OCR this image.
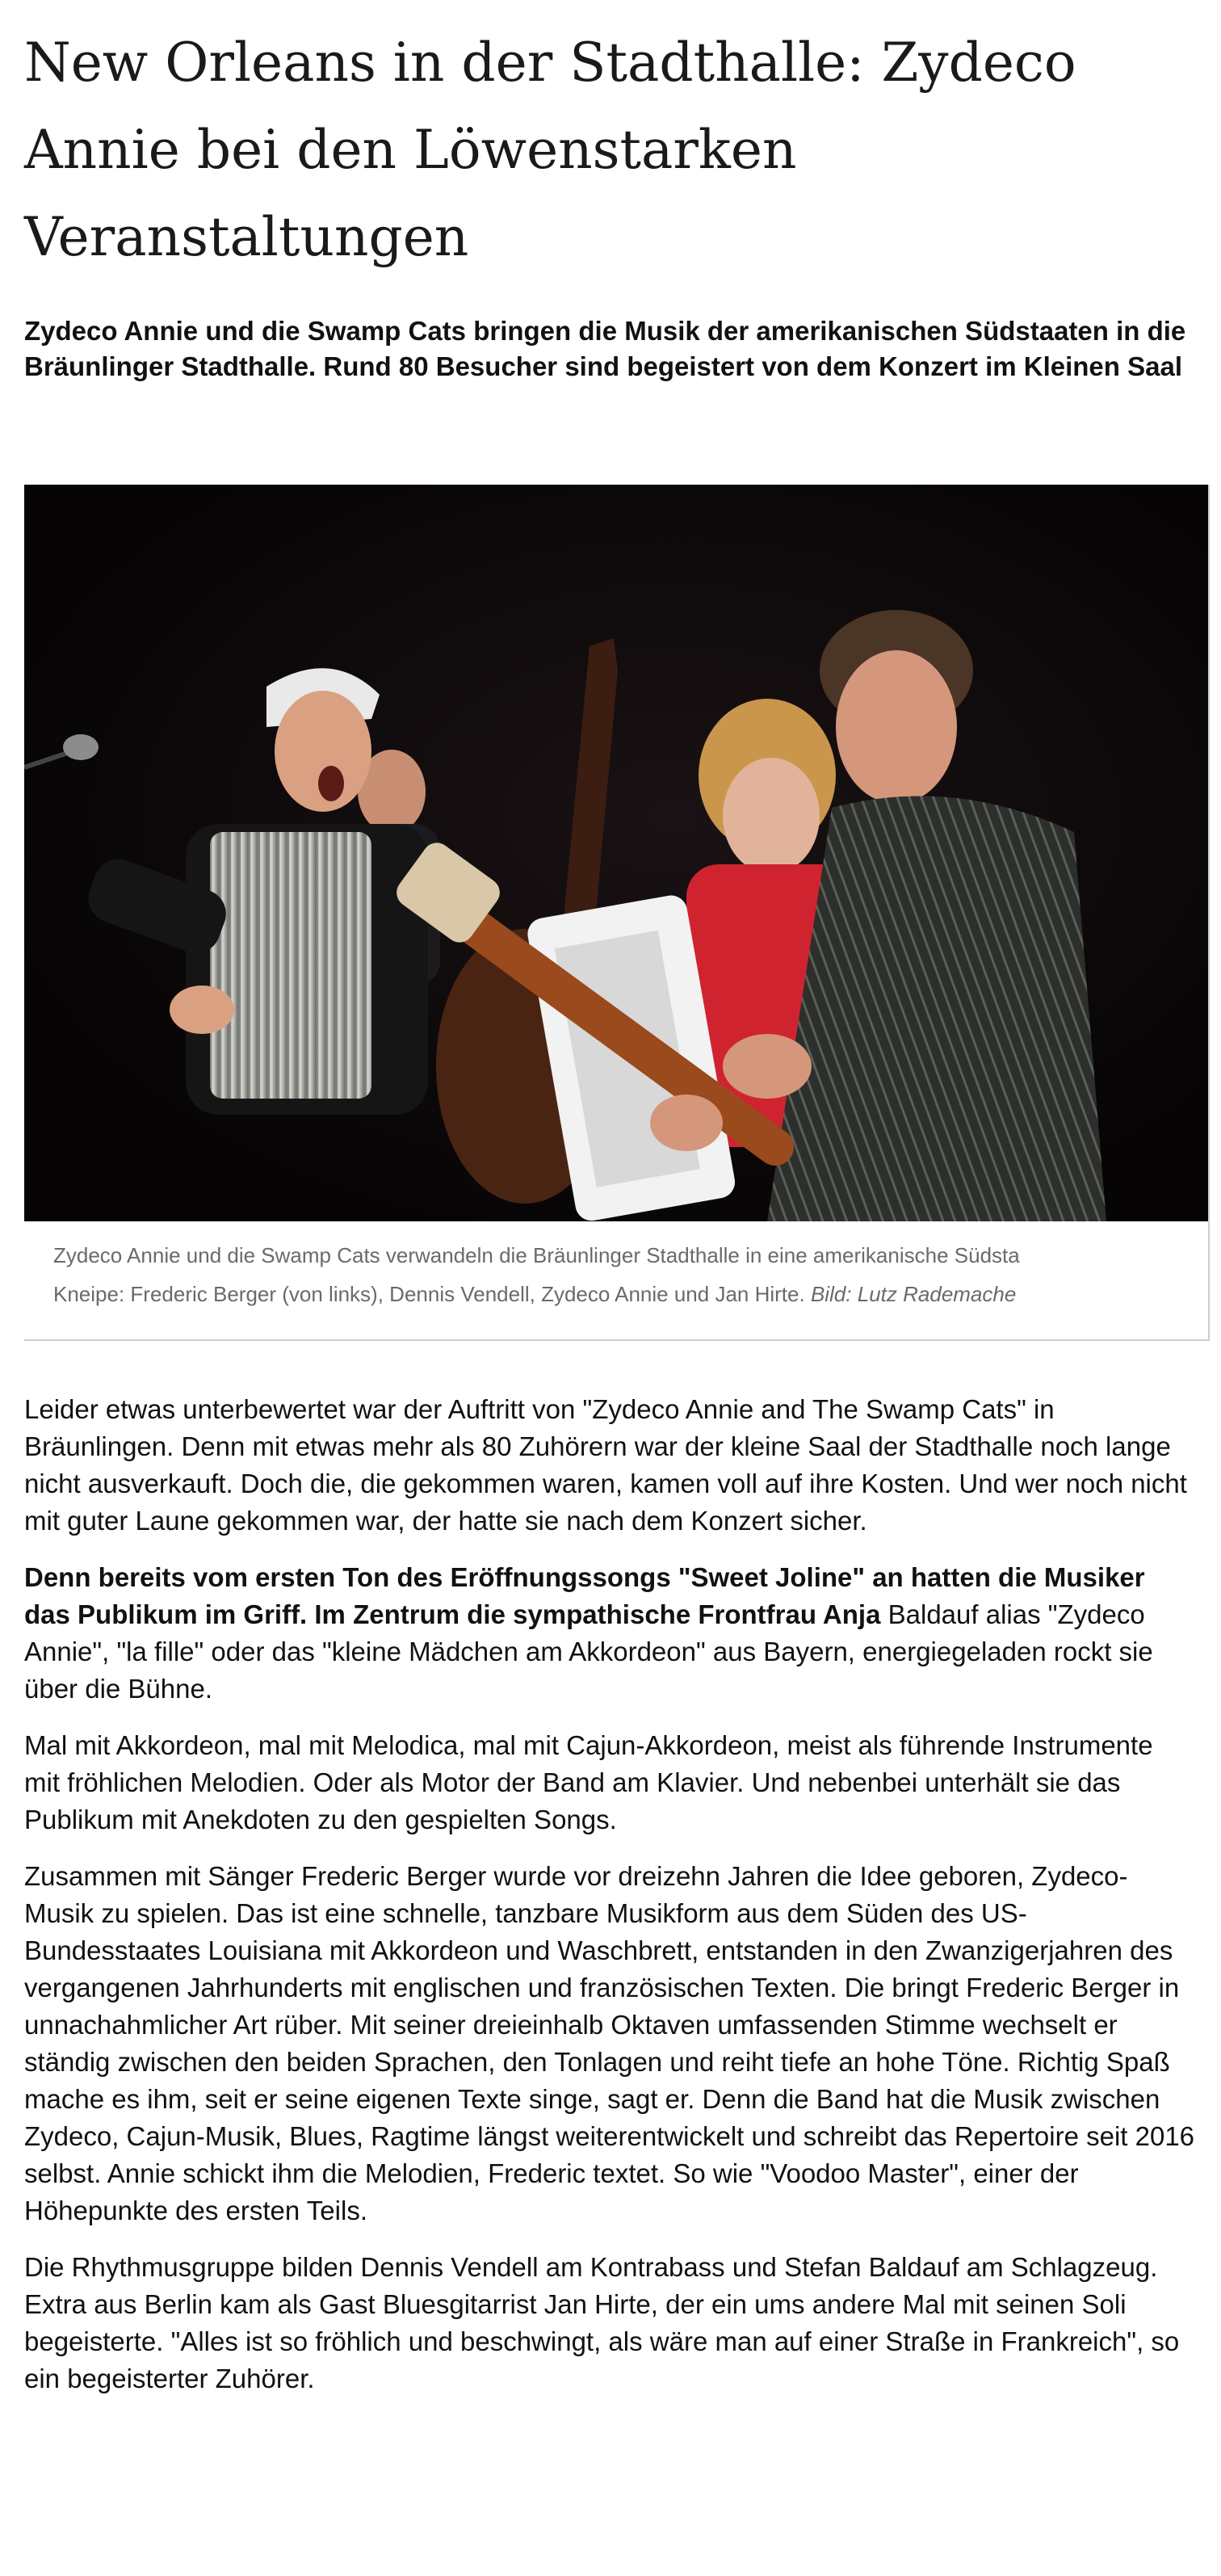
New Orleans in der Stadthalle: Zydeco Annie bei den Löwenstarken Veranstaltungen

Zydeco Annie und die Swamp Cats bringen die Musik der amerikanischen Südstaaten in die Bräunlinger Stadthalle. Rund 80 Besucher sind begeistert von dem Konzert im Kleinen Saal

Zydeco Annie und die Swamp Cats verwandeln die Bräunlinger Stadthalle in eine amerikanische Südsta
Kneipe: Frederic Berger (von links), Dennis Vendell, Zydeco Annie und Jan Hirte. Bild: Lutz Rademache

Leider etwas unterbewertet war der Auftritt von "Zydeco Annie and The Swamp Cats" in Bräunlingen. Denn mit etwas mehr als 80 Zuhörern war der kleine Saal der Stadthalle noch lange nicht ausverkauft. Doch die, die gekommen waren, kamen voll auf ihre Kosten. Und wer noch nicht mit guter Laune gekommen war, der hatte sie nach dem Konzert sicher.

Denn bereits vom ersten Ton des Eröffnungssongs "Sweet Joline" an hatten die Musiker das Publikum im Griff. Im Zentrum die sympathische Frontfrau Anja Baldauf alias "Zydeco Annie", "la fille" oder das "kleine Mädchen am Akkordeon" aus Bayern, energiegeladen rockt sie über die Bühne.

Mal mit Akkordeon, mal mit Melodica, mal mit Cajun-Akkordeon, meist als führende Instrumente mit fröhlichen Melodien. Oder als Motor der Band am Klavier. Und nebenbei unterhält sie das Publikum mit Anekdoten zu den gespielten Songs.

Zusammen mit Sänger Frederic Berger wurde vor dreizehn Jahren die Idee geboren, Zydeco-Musik zu spielen. Das ist eine schnelle, tanzbare Musikform aus dem Süden des US-Bundesstaates Louisiana mit Akkordeon und Waschbrett, entstanden in den Zwanzigerjahren des vergangenen Jahrhunderts mit englischen und französischen Texten. Die bringt Frederic Berger in unnachahmlicher Art rüber. Mit seiner dreieinhalb Oktaven umfassenden Stimme wechselt er ständig zwischen den beiden Sprachen, den Tonlagen und reiht tiefe an hohe Töne. Richtig Spaß mache es ihm, seit er seine eigenen Texte singe, sagt er. Denn die Band hat die Musik zwischen Zydeco, Cajun-Musik, Blues, Ragtime längst weiterentwickelt und schreibt das Repertoire seit 2016 selbst. Annie schickt ihm die Melodien, Frederic textet. So wie "Voodoo Master", einer der Höhepunkte des ersten Teils.

Die Rhythmusgruppe bilden Dennis Vendell am Kontrabass und Stefan Baldauf am Schlagzeug. Extra aus Berlin kam als Gast Bluesgitarrist Jan Hirte, der ein ums andere Mal mit seinen Soli begeisterte. "Alles ist so fröhlich und beschwingt, als wäre man auf einer Straße in Frankreich", so ein begeisterter Zuhörer.
